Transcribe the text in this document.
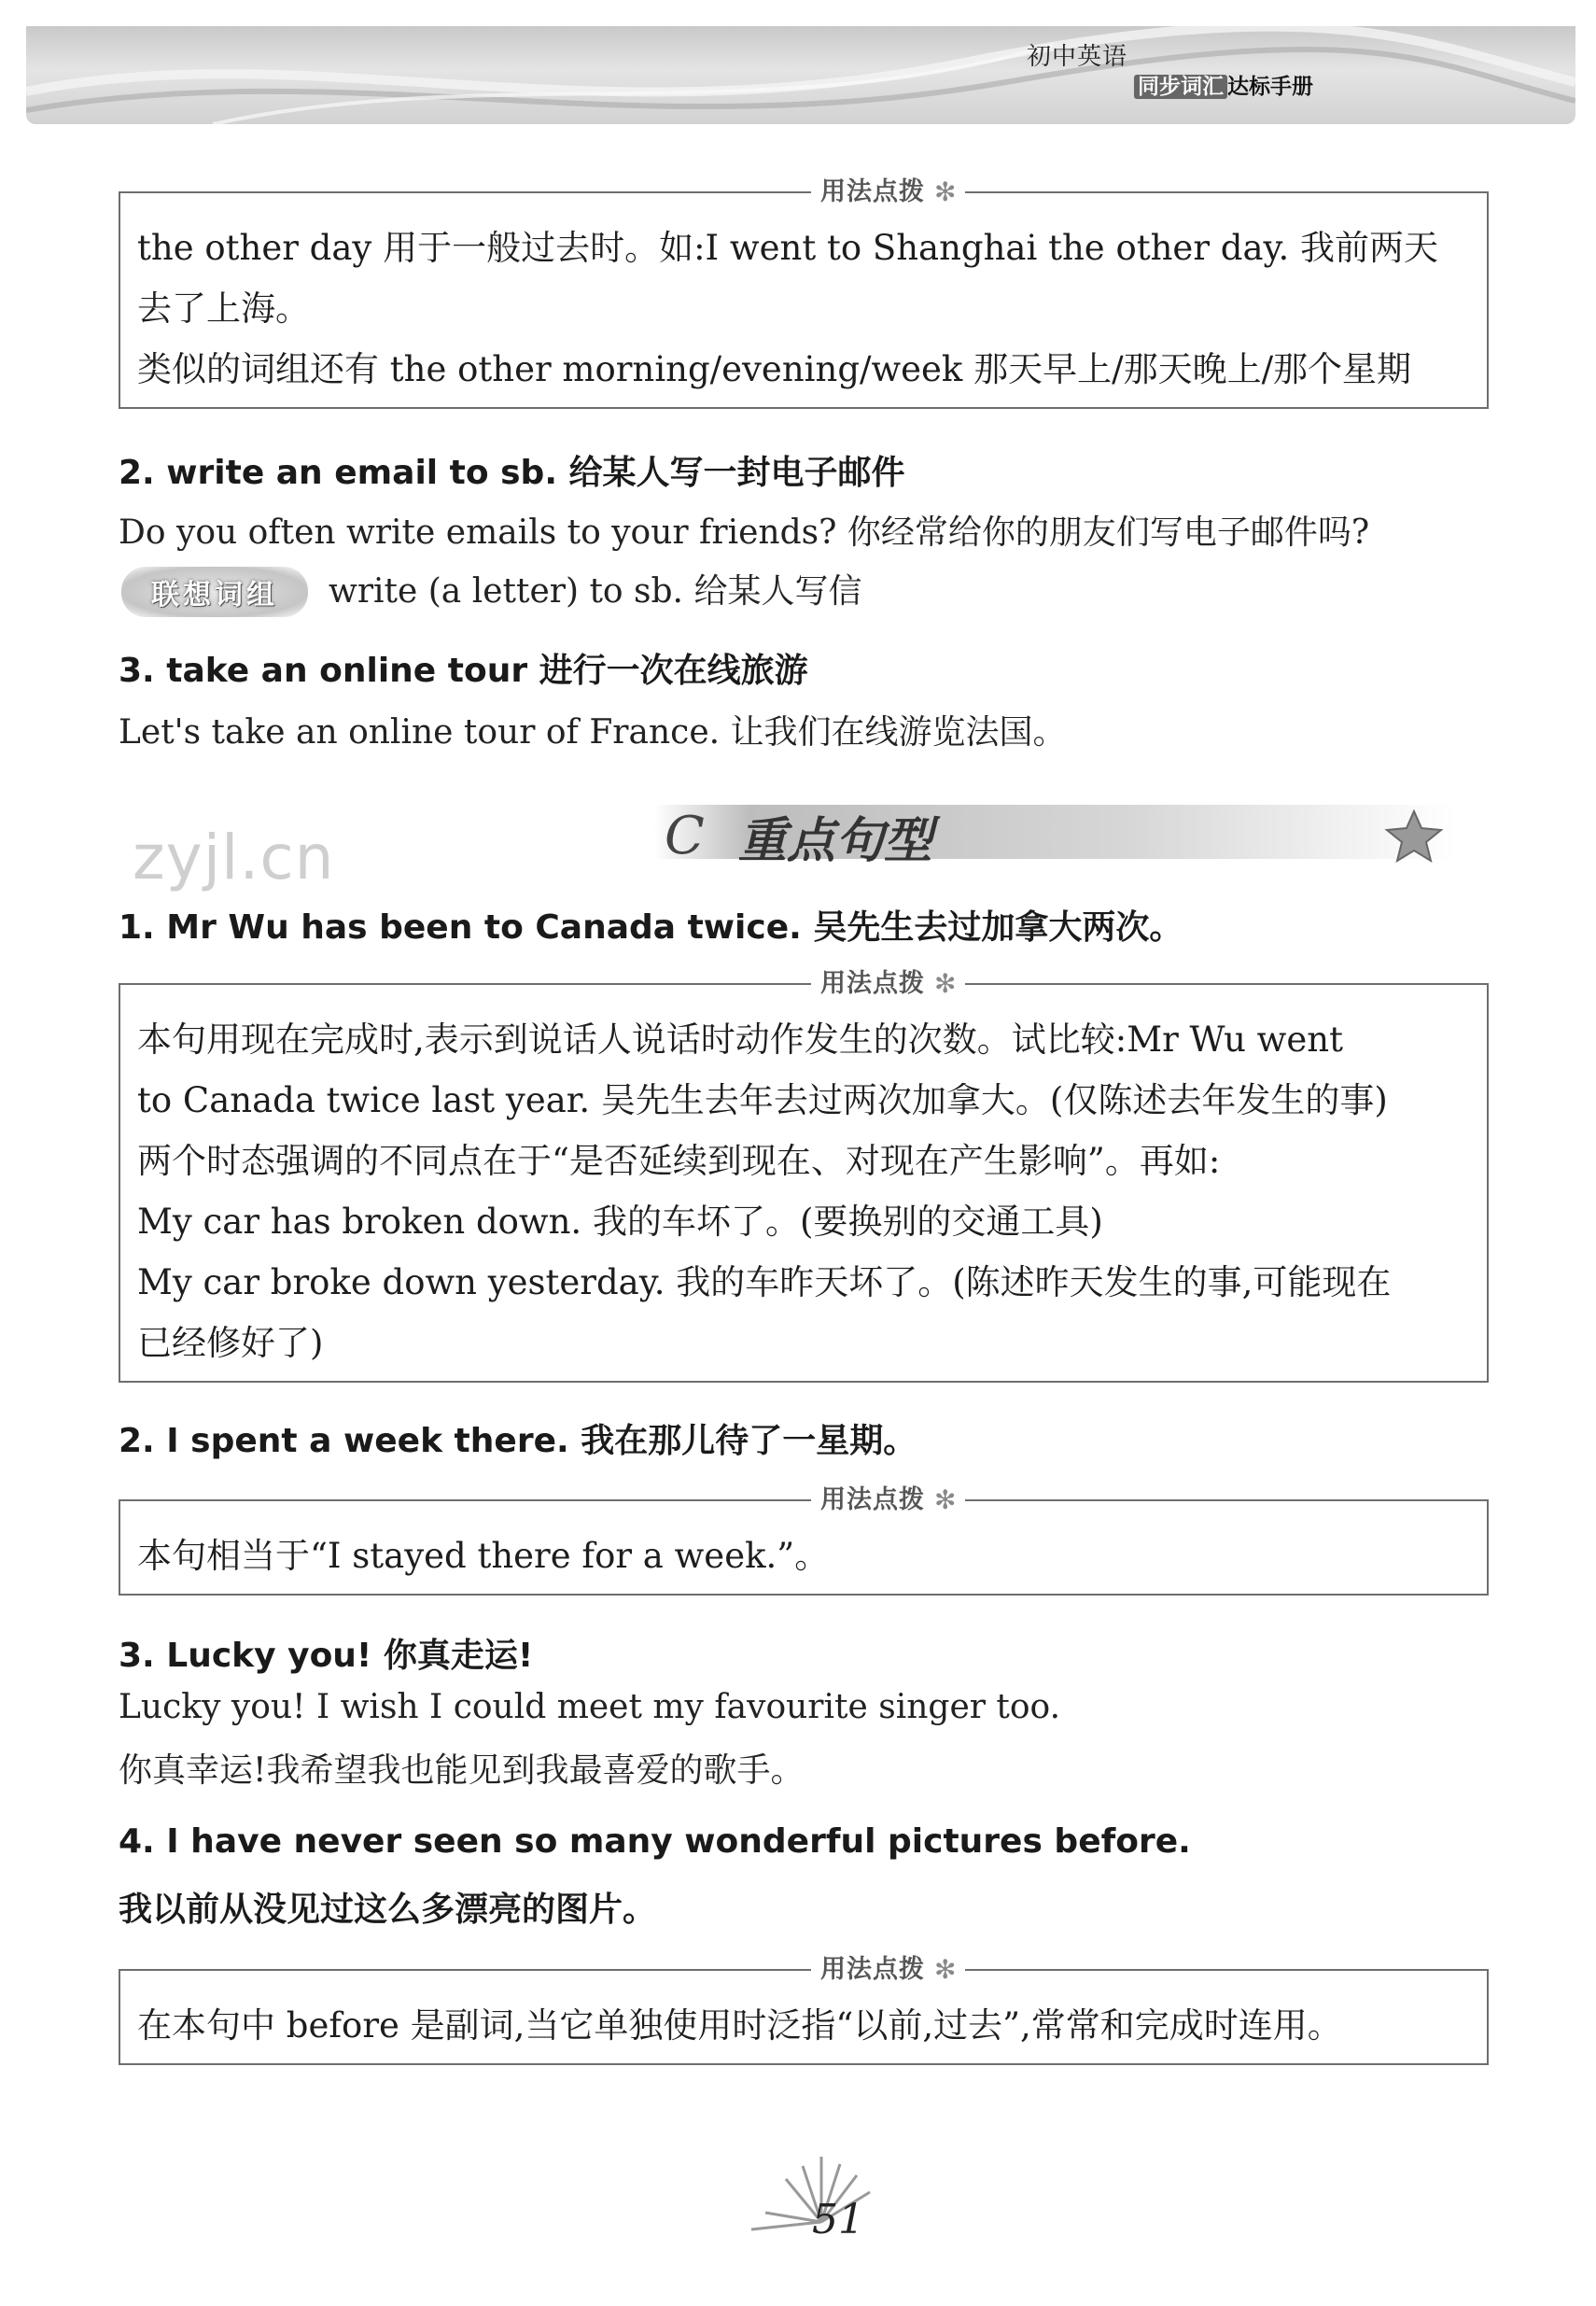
初中英语
同步词汇 达标手册
用法点拨 ✻
the other day 用于一般过去时。如:I went to Shanghai the other day. 我前两天
去了上海。
类似的词组还有 the other morning/evening/week 那天早上/那天晚上/那个星期
2. write an email to sb. 给某人写一封电子邮件
Do you often write emails to your friends? 你经常给你的朋友们写电子邮件吗?
联想词组	write (a letter) to sb. 给某人写信
3. take an online tour 进行一次在线旅游
Let's take an online tour of France. 让我们在线游览法国。
C 重点句型
zyjl.cn
1. Mr Wu has been to Canada twice. 吴先生去过加拿大两次。
用法点拨 ✻
本句用现在完成时,表示到说话人说话时动作发生的次数。试比较:Mr Wu went
to Canada twice last year. 吴先生去年去过两次加拿大。(仅陈述去年发生的事)
两个时态强调的不同点在于“是否延续到现在、对现在产生影响”。再如:
My car has broken down. 我的车坏了。(要换别的交通工具)
My car broke down yesterday. 我的车昨天坏了。(陈述昨天发生的事,可能现在
已经修好了)
2. I spent a week there. 我在那儿待了一星期。
用法点拨 ✻
本句相当于“I stayed there for a week.”。
3. Lucky you! 你真走运!
Lucky you! I wish I could meet my favourite singer too.
你真幸运!我希望我也能见到我最喜爱的歌手。
4. I have never seen so many wonderful pictures before.
我以前从没见过这么多漂亮的图片。
用法点拨 ✻
在本句中 before 是副词,当它单独使用时泛指“以前,过去”,常常和完成时连用。
51
